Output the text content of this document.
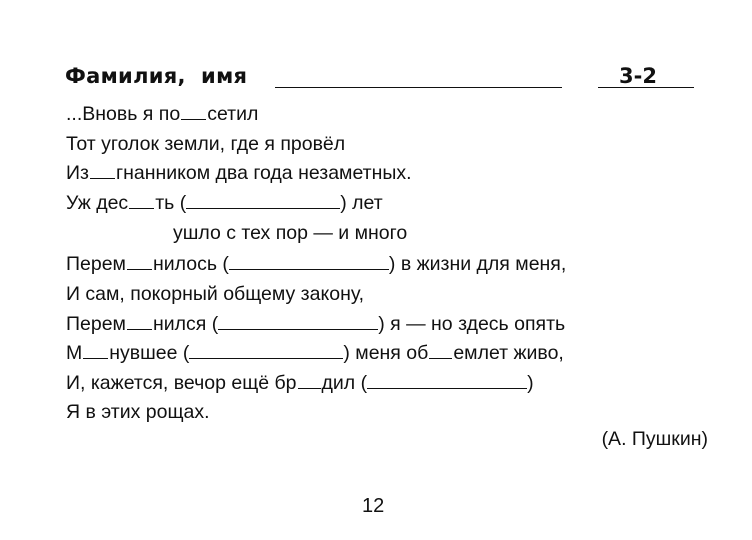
Фамилия,  имя	3-2
...Вновь я по сетил
Тот уголок земли, где я провёл
Из гнанником два года незаметных.
Уж дес ть (	) лет
ушло с тех пор — и много
Перем нилось (	) в жизни для меня,
И сам, покорный общему закону,
Перем нился (	) я — но здесь опять
М нувшее (	) меня об емлет живо,
И, кажется, вечор ещё бр дил (	)
Я в этих рощах.
(А. Пушкин)
12
